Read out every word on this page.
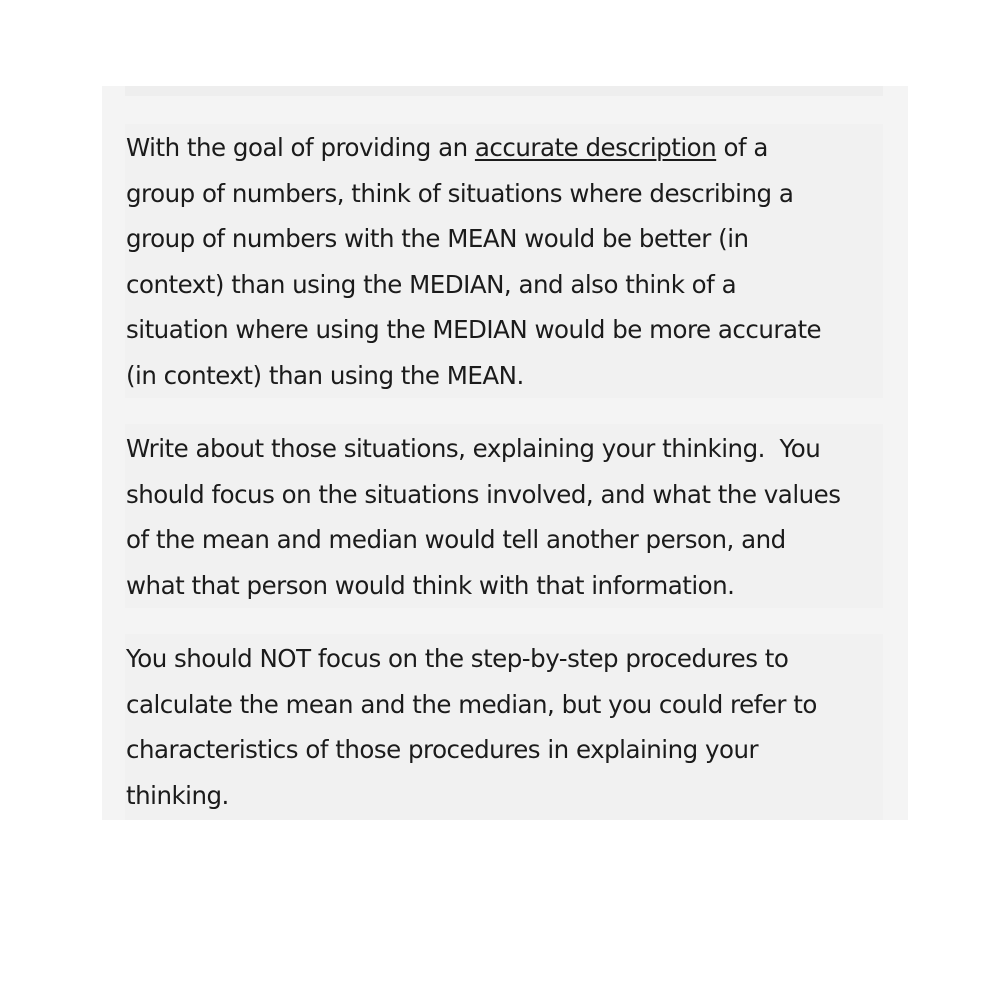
With the goal of providing an accurate description of a

group of numbers, think of situations where describing a

group of numbers with the MEAN would be better (in

context) than using the MEDIAN, and also think of a

situation where using the MEDIAN would be more accurate

(in context) than using the MEAN.

Write about those situations, explaining your thinking.  You

should focus on the situations involved, and what the values

of the mean and median would tell another person, and

what that person would think with that information.

You should NOT focus on the step-by-step procedures to

calculate the mean and the median, but you could refer to

characteristics of those procedures in explaining your

thinking.
